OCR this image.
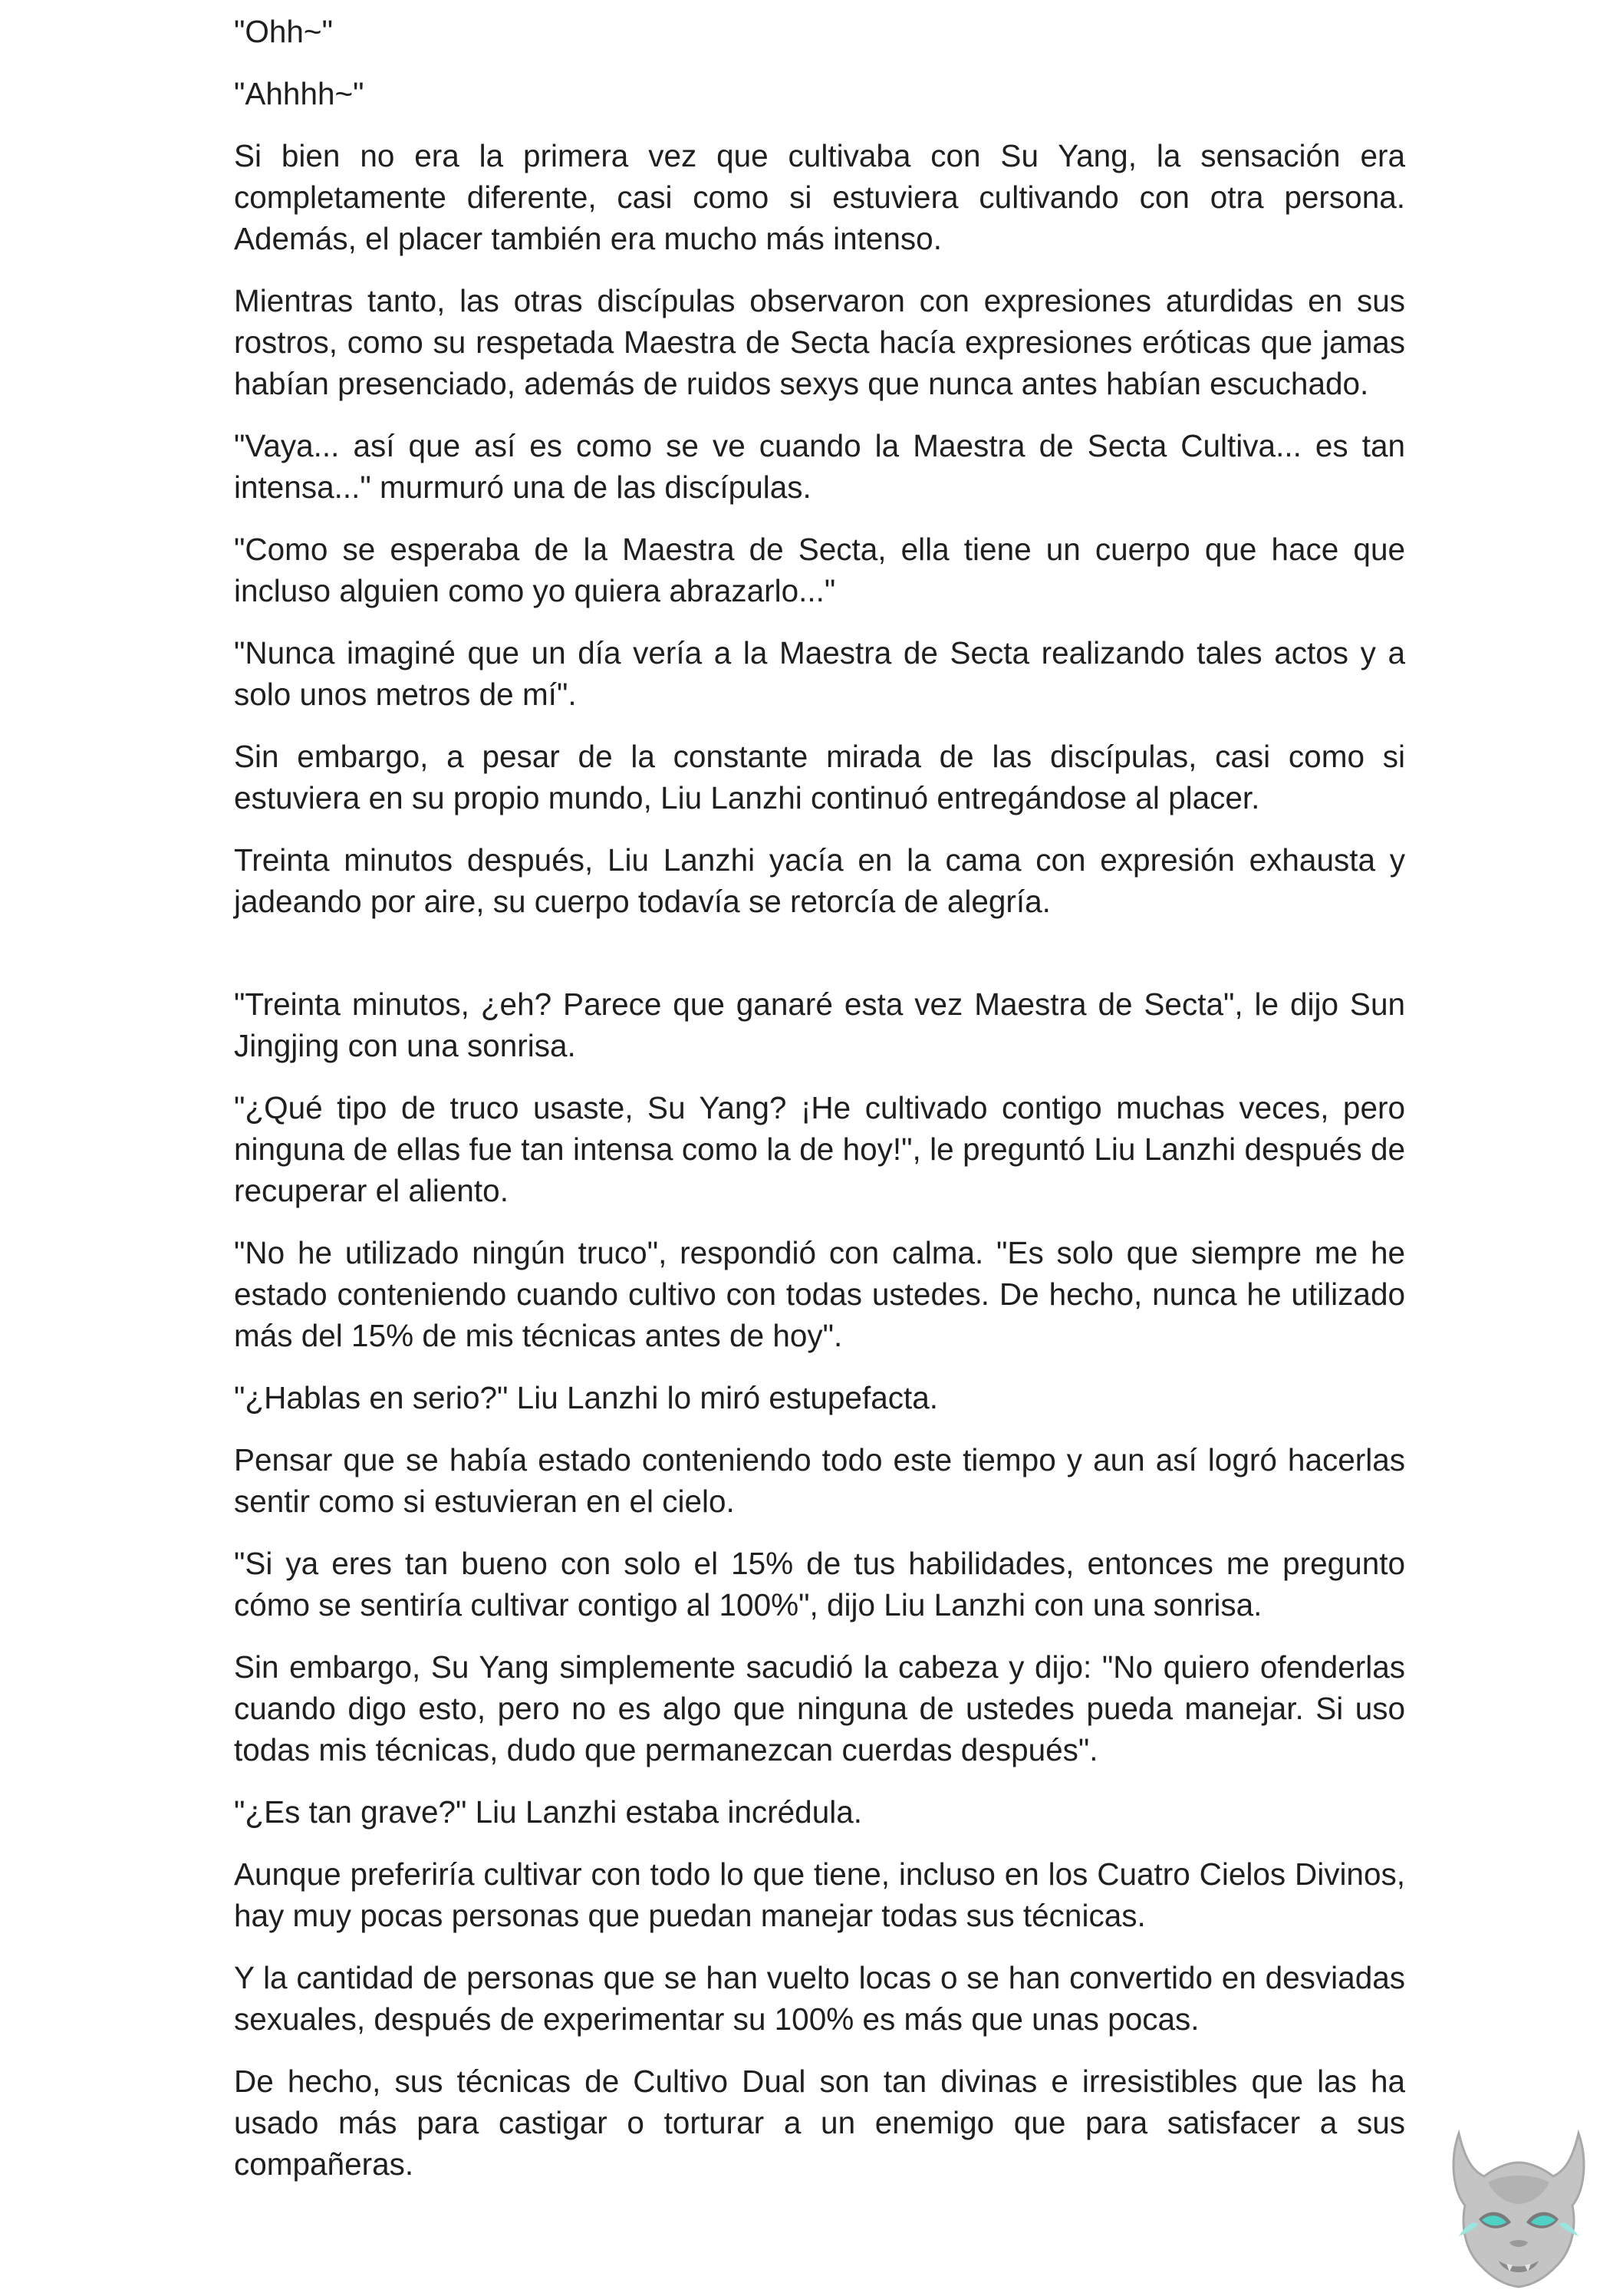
"Ohh~"

"Ahhhh~"

Si bien no era la primera vez que cultivaba con Su Yang, la sensación era completamente diferente, casi como si estuviera cultivando con otra persona. Además, el placer también era mucho más intenso.

Mientras tanto, las otras discípulas observaron con expresiones aturdidas en sus rostros, como su respetada Maestra de Secta hacía expresiones eróticas que jamas habían presenciado, además de ruidos sexys que nunca antes habían escuchado.

"Vaya... así que así es como se ve cuando la Maestra de Secta Cultiva... es tan intensa..." murmuró una de las discípulas.

"Como se esperaba de la Maestra de Secta, ella tiene un cuerpo que hace que incluso alguien como yo quiera abrazarlo..."

"Nunca imaginé que un día vería a la Maestra de Secta realizando tales actos y a solo unos metros de mí".

Sin embargo, a pesar de la constante mirada de las discípulas, casi como si estuviera en su propio mundo, Liu Lanzhi continuó entregándose al placer.

Treinta minutos después, Liu Lanzhi yacía en la cama con expresión exhausta y jadeando por aire, su cuerpo todavía se retorcía de alegría.

"Treinta minutos, ¿eh? Parece que ganaré esta vez Maestra de Secta", le dijo Sun Jingjing con una sonrisa.

"¿Qué tipo de truco usaste, Su Yang? ¡He cultivado contigo muchas veces, pero ninguna de ellas fue tan intensa como la de hoy!", le preguntó Liu Lanzhi después de recuperar el aliento.

"No he utilizado ningún truco", respondió con calma. "Es solo que siempre me he estado conteniendo cuando cultivo con todas ustedes. De hecho, nunca he utilizado más del 15% de mis técnicas antes de hoy".

"¿Hablas en serio?" Liu Lanzhi lo miró estupefacta.

Pensar que se había estado conteniendo todo este tiempo y aun así logró hacerlas sentir como si estuvieran en el cielo.

"Si ya eres tan bueno con solo el 15% de tus habilidades, entonces me pregunto cómo se sentiría cultivar contigo al 100%", dijo Liu Lanzhi con una sonrisa.

Sin embargo, Su Yang simplemente sacudió la cabeza y dijo: "No quiero ofenderlas cuando digo esto, pero no es algo que ninguna de ustedes pueda manejar. Si uso todas mis técnicas, dudo que permanezcan cuerdas después".

"¿Es tan grave?" Liu Lanzhi estaba incrédula.

Aunque preferiría cultivar con todo lo que tiene, incluso en los Cuatro Cielos Divinos, hay muy pocas personas que puedan manejar todas sus técnicas.

Y la cantidad de personas que se han vuelto locas o se han convertido en desviadas sexuales, después de experimentar su 100% es más que unas pocas.

De hecho, sus técnicas de Cultivo Dual son tan divinas e irresistibles que las ha usado más para castigar o torturar a un enemigo que para satisfacer a sus compañeras.
